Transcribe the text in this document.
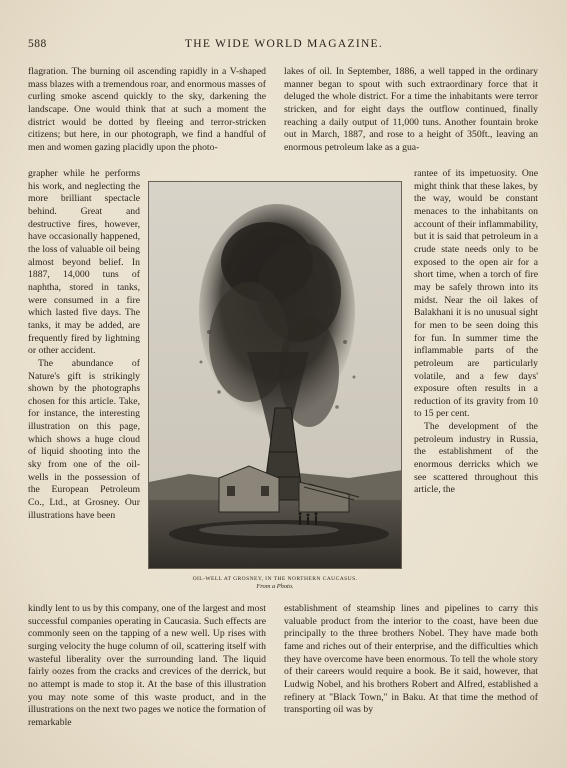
588	THE WIDE WORLD MAGAZINE.

flagration. The burning oil ascending rapidly in a V-shaped mass blazes with a tremendous roar, and enormous masses of curling smoke ascend quickly to the sky, darkening the landscape. One would think that at such a moment the district would be dotted by fleeing and terror-stricken citizens; but here, in our photograph, we find a handful of men and women gazing placidly upon the photo-

lakes of oil. In September, 1886, a well tapped in the ordinary manner began to spout with such extraordinary force that it deluged the whole district. For a time the inhabitants were terror stricken, and for eight days the outflow continued, finally reaching a daily output of 11,000 tuns. Another fountain broke out in March, 1887, and rose to a height of 350ft., leaving an enormous petroleum lake as a gua-

grapher while he performs his work, and neglecting the more brilliant spectacle behind. Great and destructive fires, however, have occasionally happened, the loss of valuable oil being almost beyond belief. In 1887, 14,000 tuns of naphtha, stored in tanks, were consumed in a fire which lasted five days. The tanks, it may be added, are frequently fired by lightning or other accident.

The abundance of Nature's gift is strikingly shown by the photographs chosen for this article. Take, for instance, the interesting illustration on this page, which shows a huge cloud of liquid shooting into the sky from one of the oil-wells in the possession of the European Petroleum Co., Ltd., at Grosney. Our illustrations have been

rantee of its impetuosity. One might think that these lakes, by the way, would be constant menaces to the inhabitants on account of their inflammability, but it is said that petroleum in a crude state needs only to be exposed to the open air for a short time, when a torch of fire may be safely thrown into its midst. Near the oil lakes of Balakhani it is no unusual sight for men to be seen doing this for fun. In summer time the inflammable parts of the petroleum are particularly volatile, and a few days' exposure often results in a reduction of its gravity from 10 to 15 per cent.

The development of the petroleum industry in Russia, the establishment of the enormous derricks which we see scattered throughout this article, the

OIL-WELL AT GROSNEY, IN THE NORTHERN CAUCASUS.
From a Photo.

kindly lent to us by this company, one of the largest and most successful companies operating in Caucasia. Such effects are commonly seen on the tapping of a new well. Up rises with surging velocity the huge column of oil, scattering itself with wasteful liberality over the surrounding land. The liquid fairly oozes from the cracks and crevices of the derrick, but no attempt is made to stop it. At the base of this illustration you may note some of this waste product, and in the illustrations on the next two pages we notice the formation of remarkable

establishment of steamship lines and pipelines to carry this valuable product from the interior to the coast, have been due principally to the three brothers Nobel. They have made both fame and riches out of their enterprise, and the difficulties which they have overcome have been enormous. To tell the whole story of their careers would require a book. Be it said, however, that Ludwig Nobel, and his brothers Robert and Alfred, established a refinery at "Black Town," in Baku. At that time the method of transporting oil was by
